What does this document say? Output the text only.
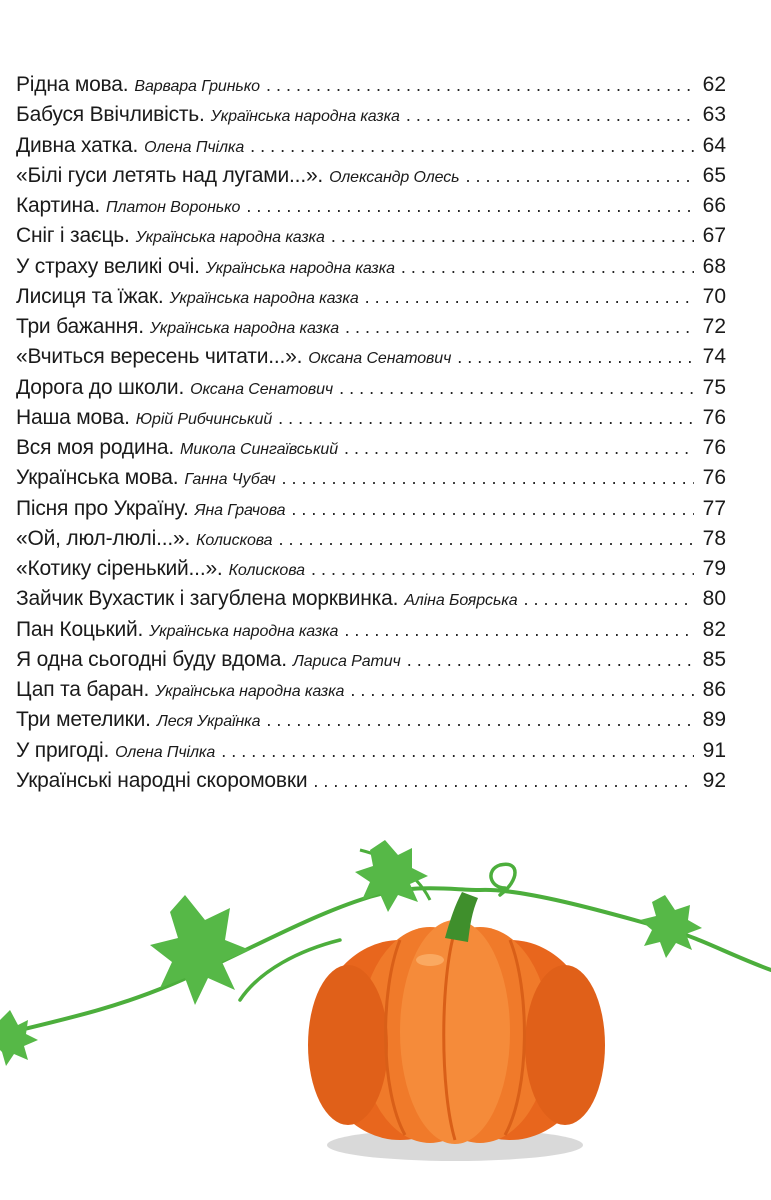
Рідна мова. Варвара Гринько . . .	62
Бабуся Ввічливість. Українська народна казка . . .	63
Дивна хатка. Олена Пчілка . . .	64
«Білі гуси летять над лугами...». Олександр Олесь . . .	65
Картина. Платон Воронько . . .	66
Сніг і заєць. Українська народна казка . . .	67
У страху великі очі. Українська народна казка . . .	68
Лисиця та їжак. Українська народна казка . . .	70
Три бажання. Українська народна казка . . .	72
«Вчиться вересень читати...». Оксана Сенатович . . .	74
Дорога до школи. Оксана Сенатович . . .	75
Наша мова. Юрій Рибчинський . . .	76
Вся моя родина. Микола Сингаївський . . .	76
Українська мова. Ганна Чубач . . .	76
Пісня про Україну. Яна Грачова . . .	77
«Ой, люл-люлі...». Колискова . . .	78
«Котику сіренький...». Колискова . . .	79
Зайчик Вухастик і загублена морквинка. Аліна Боярська . . .	80
Пан Коцький. Українська народна казка . . .	82
Я одна сьогодні буду вдома. Лариса Ратич . . .	85
Цап та баран. Українська народна казка . . .	86
Три метелики. Леся Українка . . .	89
У пригоді. Олена Пчілка . . .	91
Українські народні скоромовки . . .	92
